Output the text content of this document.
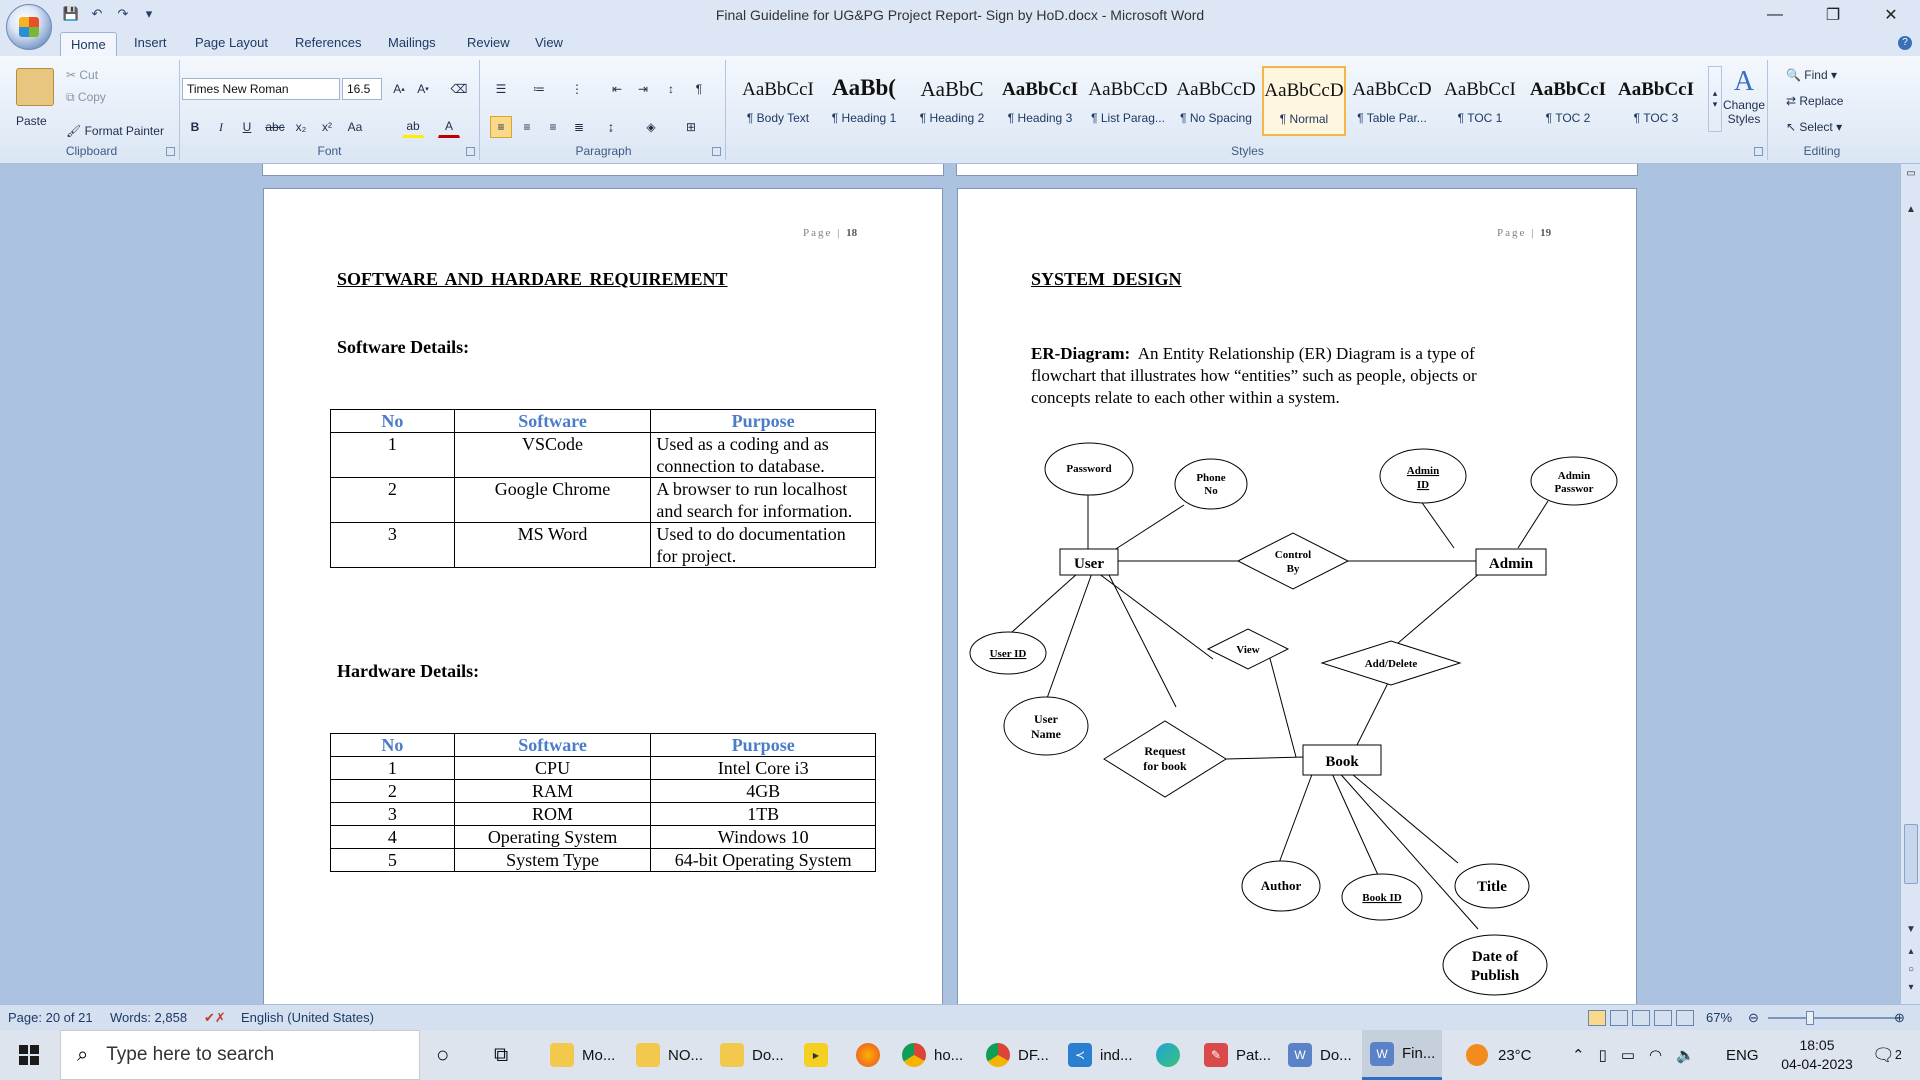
💾 ↶ ↷	▾	Final Guideline for UG&PG Project Report- Sign by HoD.docx - Microsoft Word	—	❐	✕
Home	Insert Page Layout References Mailings Review View	?
Paste
✂ Cut
⧉ Copy
🖌 Format Painter
Clipboard
Times New Roman	16.5	A ▴	A ▾ ⌫
B	I	U	abc x₂	x²	Aa	ab	A
Font
☰	≔	⋮	⇤	⇥	↕	¶
≡	≡	≡	≣	↨	◈	⊞
Paragraph
AaBbCcI
¶ Body Text
AaBb(
¶ Heading 1
AaBbC
¶ Heading 2
AaBbCcI
¶ Heading 3
AaBbCcD
¶ List Parag...
AaBbCcD
¶ No Spacing
AaBbCcD
¶ Normal
AaBbCcD
¶ Table Par...
AaBbCcI
¶ TOC 1
AaBbCcI
¶ TOC 2
AaBbCcI
¶ TOC 3
▴
▾
A
Change Styles
Styles
🔍 Find ▾
⇄ Replace
↖ Select ▾
Editing
Page | 18
SOFTWARE AND HARDARE REQUIREMENT
Software Details:
No	Software	Purpose
1	VSCode	Used as a coding and as connection to database.
2	Google Chrome	A browser to run localhost and search for information.
3	MS Word	Used to do documentation for project.
Hardware Details:
No	Software	Purpose
1	CPU	Intel Core i3
2	RAM	4GB
3	ROM	1TB
4	Operating System	Windows 10
5	System Type	64-bit Operating System
Page | 19
SYSTEM DESIGN
ER-Diagram: An Entity Relationship (ER) Diagram is a type of flowchart that illustrates how “entities” such as people, objects or concepts relate to each other within a system.
User	Admin
Book
Control
By
View
Add/Delete
Request
for book
Password
Phone
No
Admin
ID
Admin
Passwor
User ID
User
Name
Author
Book ID
Title
Date of
Publish
▭
▲
▼
▴
○
▾
Page: 20 of 21 Words: 2,858 ✔✗ English (United States)	67% ⊖	⊕
⌕ Type here to search	○ ⧉	Mo...	NO...	Do...	▶	ho...	DF...	≺ ind...	✎ Pat...	W Do...	W Fin...	23°C	⌃ ▯ ▭ ◠ 🔈 ENG
18:05
04-04-2023	🗨 2
